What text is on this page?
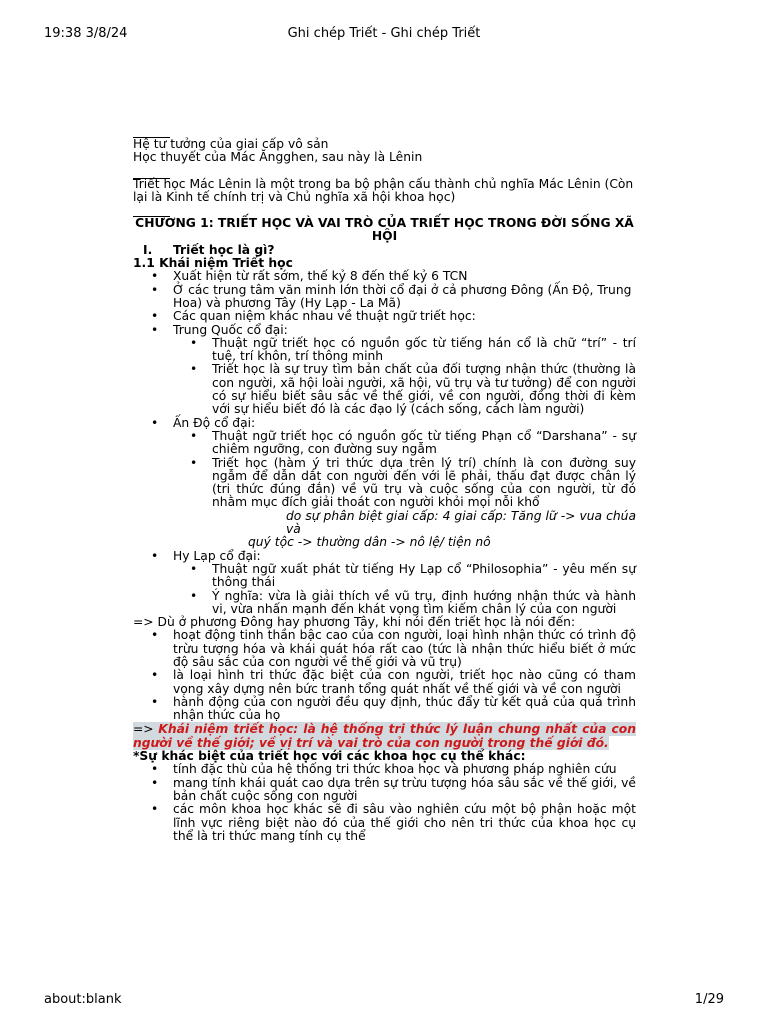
19:38 3/8/24	Ghi chép Triết - Ghi chép Triết

Hệ tư tưởng của giai cấp vô sản

Học thuyết của Mác Ăngghen, sau này là Lênin

Triết học Mác Lênin là một trong ba bộ phận cấu thành chủ nghĩa Mác Lênin (Còn lại là Kinh tế chính trị và Chủ nghĩa xã hội khoa học)

CHƯƠNG 1: TRIẾT HỌC VÀ VAI TRÒ CỦA TRIẾT HỌC TRONG ĐỜI SỐNG XÃ HỘI

I. Triết học là gì?

1.1 Khái niệm Triết học

• Xuất hiện từ rất sớm, thế kỷ 8 đến thế kỷ 6 TCN
• Ở các trung tâm văn minh lớn thời cổ đại ở cả phương Đông (Ấn Độ, Trung Hoa) và phương Tây (Hy Lạp - La Mã)
• Các quan niệm khác nhau về thuật ngữ triết học:
• Trung Quốc cổ đại:
• Thuật ngữ triết học có nguồn gốc từ tiếng hán cổ là chữ “trí” - trí tuệ, trí khôn, trí thông minh
• Triết học là sự truy tìm bản chất của đối tượng nhận thức (thường là con người, xã hội loài người, xã hội, vũ trụ và tư tưởng) để con người có sự hiểu biết sâu sắc về thế giới, về con người, đồng thời đi kèm với sự hiểu biết đó là các đạo lý (cách sống, cách làm người)
• Ấn Độ cổ đại:
• Thuật ngữ triết học có nguồn gốc từ tiếng Phạn cổ “Darshana” - sự chiêm ngưỡng, con đường suy ngẫm
• Triết học (hàm ý tri thức dựa trên lý trí) chính là con đường suy ngẫm để dẫn dắt con người đến với lẽ phải, thấu đạt được chân lý (tri thức đúng đắn) về vũ trụ và cuộc sống của con người, từ đó nhằm mục đích giải thoát con người khỏi mọi nỗi khổ
do sự phân biệt giai cấp: 4 giai cấp: Tăng lữ -> vua chúa và
quý tộc -> thường dân -> nô lệ/ tiện nô
• Hy Lạp cổ đại:
• Thuật ngữ xuất phát từ tiếng Hy Lạp cổ “Philosophia” - yêu mến sự thông thái
• Ý nghĩa: vừa là giải thích về vũ trụ, định hướng nhận thức và hành vi, vừa nhấn mạnh đến khát vọng tìm kiếm chân lý của con người

=> Dù ở phương Đông hay phương Tây, khi nói đến triết học là nói đến:

• hoạt động tinh thần bậc cao của con người, loại hình nhận thức có trình độ trừu tượng hóa và khái quát hóa rất cao (tức là nhận thức hiểu biết ở mức độ sâu sắc của con người về thế giới và vũ trụ)
• là loại hình tri thức đặc biệt của con người, triết học nào cũng có tham vọng xây dựng nên bức tranh tổng quát nhất về thế giới và về con người
• hành động của con người đều quy định, thúc đẩy từ kết quả của quá trình nhận thức của họ

=> Khái niệm triết học: là hệ thống tri thức lý luận chung nhất của con người về thế giới; về vị trí và vai trò của con người trong thế giới đó.

*Sự khác biệt của triết học với các khoa học cụ thể khác:

• tính đặc thù của hệ thống tri thức khoa học và phương pháp nghiên cứu
• mang tính khái quát cao dựa trên sự trừu tượng hóa sâu sắc về thế giới, về bản chất cuộc sống con người
• các môn khoa học khác sẽ đi sâu vào nghiên cứu một bộ phận hoặc một lĩnh vực riêng biệt nào đó của thế giới cho nên tri thức của khoa học cụ thể là tri thức mang tính cụ thể
about:blank	1/29
